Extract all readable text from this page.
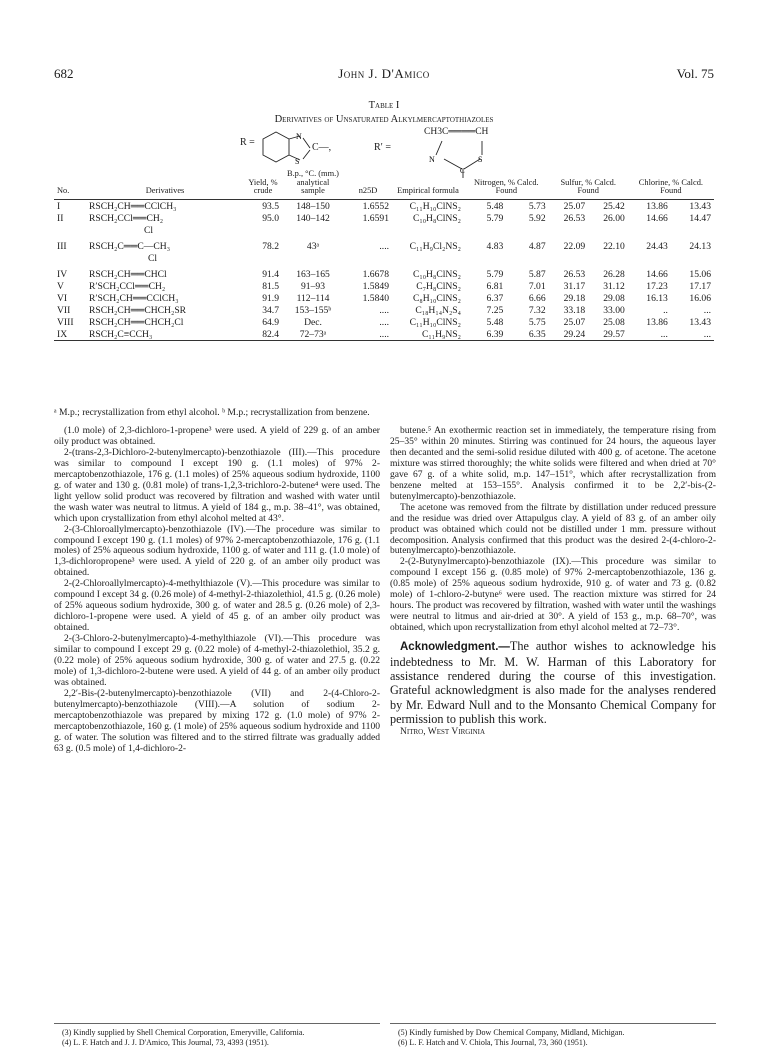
682	John J. D'Amico	Vol. 75
Table I
Derivatives of Unsaturated Alkylmercaptothiazoles
R =
N
S
C—,	R′ =
CH3C════CH
N	S
C
No.	Derivatives	Yield, % crude	B.p., °C. (mm.) analytical sample	n25D	Empirical formula	Nitrogen, % Calcd. Found		Sulfur, % Calcd. Found		Chlorine, % Calcd. Found	

I	RSCH₂CH══CClCH₃	93.5	148–150	1.6552	C₁₁H₁₀ClNS₂	5.48	5.73	25.07	25.42	13.86	13.43
II	RSCH₂CCl══CH₂	95.0	140–142	1.6591	C₁₀H₈ClNS₂	5.79	5.92	26.53	26.00	14.66	14.47
	Cl										

III	RSCH₂C══C—CH₃	78.2	43ᵃ	....	C₁₁H₉Cl₂NS₂	4.83	4.87	22.09	22.10	24.43	24.13
	Cl										

IV	RSCH₂CH══CHCl	91.4	163–165	1.6678	C₁₀H₈ClNS₂	5.79	5.87	26.53	26.28	14.66	15.06
V	R′SCH₂CCl══CH₂	81.5	91–93	1.5849	C₇H₈ClNS₂	6.81	7.01	31.17	31.12	17.23	17.17
VI	R′SCH₂CH══CClCH₃	91.9	112–114	1.5840	C₈H₁₀ClNS₂	6.37	6.66	29.18	29.08	16.13	16.06
VII	RSCH₂CH══CHCH₂SR	34.7	153–155ᵇ	....	C₁₈H₁₄N₂S₄	7.25	7.32	33.18	33.00	..	...
VIII	RSCH₂CH══CHCH₂Cl	64.9	Dec.	....	C₁₁H₁₀ClNS₂	5.48	5.75	25.07	25.08	13.86	13.43
IX	RSCH₂C≡CCH₃	82.4	72–73ᵃ	....	C₁₁H₉NS₂	6.39	6.35	29.24	29.57	...	...

ᵃ M.p.; recrystallization from ethyl alcohol. ᵇ M.p.; recrystallization from benzene.

(1.0 mole) of 2,3-dichloro-1-propene³ were used. A yield of 229 g. of an amber oily product was obtained.

2-(trans-2,3-Dichloro-2-butenylmercapto)-benzothiazole (III).—This procedure was similar to compound I except 190 g. (1.1 moles) of 97% 2-mercaptobenzothiazole, 176 g. (1.1 moles) of 25% aqueous sodium hydroxide, 1100 g. of water and 130 g. (0.81 mole) of trans-1,2,3-trichloro-2-butene⁴ were used. The light yellow solid product was recovered by filtration and washed with water until the wash water was neutral to litmus. A yield of 184 g., m.p. 38–41°, was obtained, which upon crystallization from ethyl alcohol melted at 43°.

2-(3-Chloroallylmercapto)-benzothiazole (IV).—The procedure was similar to compound I except 190 g. (1.1 moles) of 97% 2-mercaptobenzothiazole, 176 g. (1.1 moles) of 25% aqueous sodium hydroxide, 1100 g. of water and 111 g. (1.0 mole) of 1,3-dichloropropene³ were used. A yield of 220 g. of an amber oily product was obtained.

2-(2-Chloroallylmercapto)-4-methylthiazole (V).—This procedure was similar to compound I except 34 g. (0.26 mole) of 4-methyl-2-thiazolethiol, 41.5 g. (0.26 mole) of 25% aqueous sodium hydroxide, 300 g. of water and 28.5 g. (0.26 mole) of 2,3-dichloro-1-propene were used. A yield of 45 g. of an amber oily product was obtained.

2-(3-Chloro-2-butenylmercapto)-4-methylthiazole (VI).—This procedure was similar to compound I except 29 g. (0.22 mole) of 4-methyl-2-thiazolethiol, 35.2 g. (0.22 mole) of 25% aqueous sodium hydroxide, 300 g. of water and 27.5 g. (0.22 mole) of 1,3-dichloro-2-butene were used. A yield of 44 g. of an amber oily product was obtained.

2,2′-Bis-(2-butenylmercapto)-benzothiazole (VII) and 2-(4-Chloro-2-butenylmercapto)-benzothiazole (VIII).—A solution of sodium 2-mercaptobenzothiazole was prepared by mixing 172 g. (1.0 mole) of 97% 2-mercaptobenzothiazole, 160 g. (1 mole) of 25% aqueous sodium hydroxide and 1100 g. of water. The solution was filtered and to the stirred filtrate was gradually added 63 g. (0.5 mole) of 1,4-dichloro-2-

butene.⁵ An exothermic reaction set in immediately, the temperature rising from 25–35° within 20 minutes. Stirring was continued for 24 hours, the aqueous layer then decanted and the semi-solid residue diluted with 400 g. of acetone. The acetone mixture was stirred thoroughly; the white solids were filtered and when dried at 70° gave 67 g. of a white solid, m.p. 147–151°, which after recrystallization from benzene melted at 153–155°. Analysis confirmed it to be 2,2′-bis-(2-butenylmercapto)-benzothiazole.

The acetone was removed from the filtrate by distillation under reduced pressure and the residue was dried over Attapulgus clay. A yield of 83 g. of an amber oily product was obtained which could not be distilled under 1 mm. pressure without decomposition. Analysis confirmed that this product was the desired 2-(4-chloro-2-butenylmercapto)-benzothiazole.

2-(2-Butynylmercapto)-benzothiazole (IX).—This procedure was similar to compound I except 156 g. (0.85 mole) of 97% 2-mercaptobenzothiazole, 136 g. (0.85 mole) of 25% aqueous sodium hydroxide, 910 g. of water and 73 g. (0.82 mole) of 1-chloro-2-butyne⁶ were used. The reaction mixture was stirred for 24 hours. The product was recovered by filtration, washed with water until the washings were neutral to litmus and air-dried at 30°. A yield of 153 g., m.p. 68–70°, was obtained, which upon recrystallization from ethyl alcohol melted at 72–73°.

Acknowledgment.—The author wishes to acknowledge his indebtedness to Mr. M. W. Harman of this Laboratory for assistance rendered during the course of this investigation. Grateful acknowledgment is also made for the analyses rendered by Mr. Edward Null and to the Monsanto Chemical Company for permission to publish this work.

Nitro, West Virginia

(3) Kindly supplied by Shell Chemical Corporation, Emeryville, California.

(4) L. F. Hatch and J. J. D'Amico, This Journal, 73, 4393 (1951).

(5) Kindly furnished by Dow Chemical Company, Midland, Michigan.

(6) L. F. Hatch and V. Chiola, This Journal, 73, 360 (1951).
